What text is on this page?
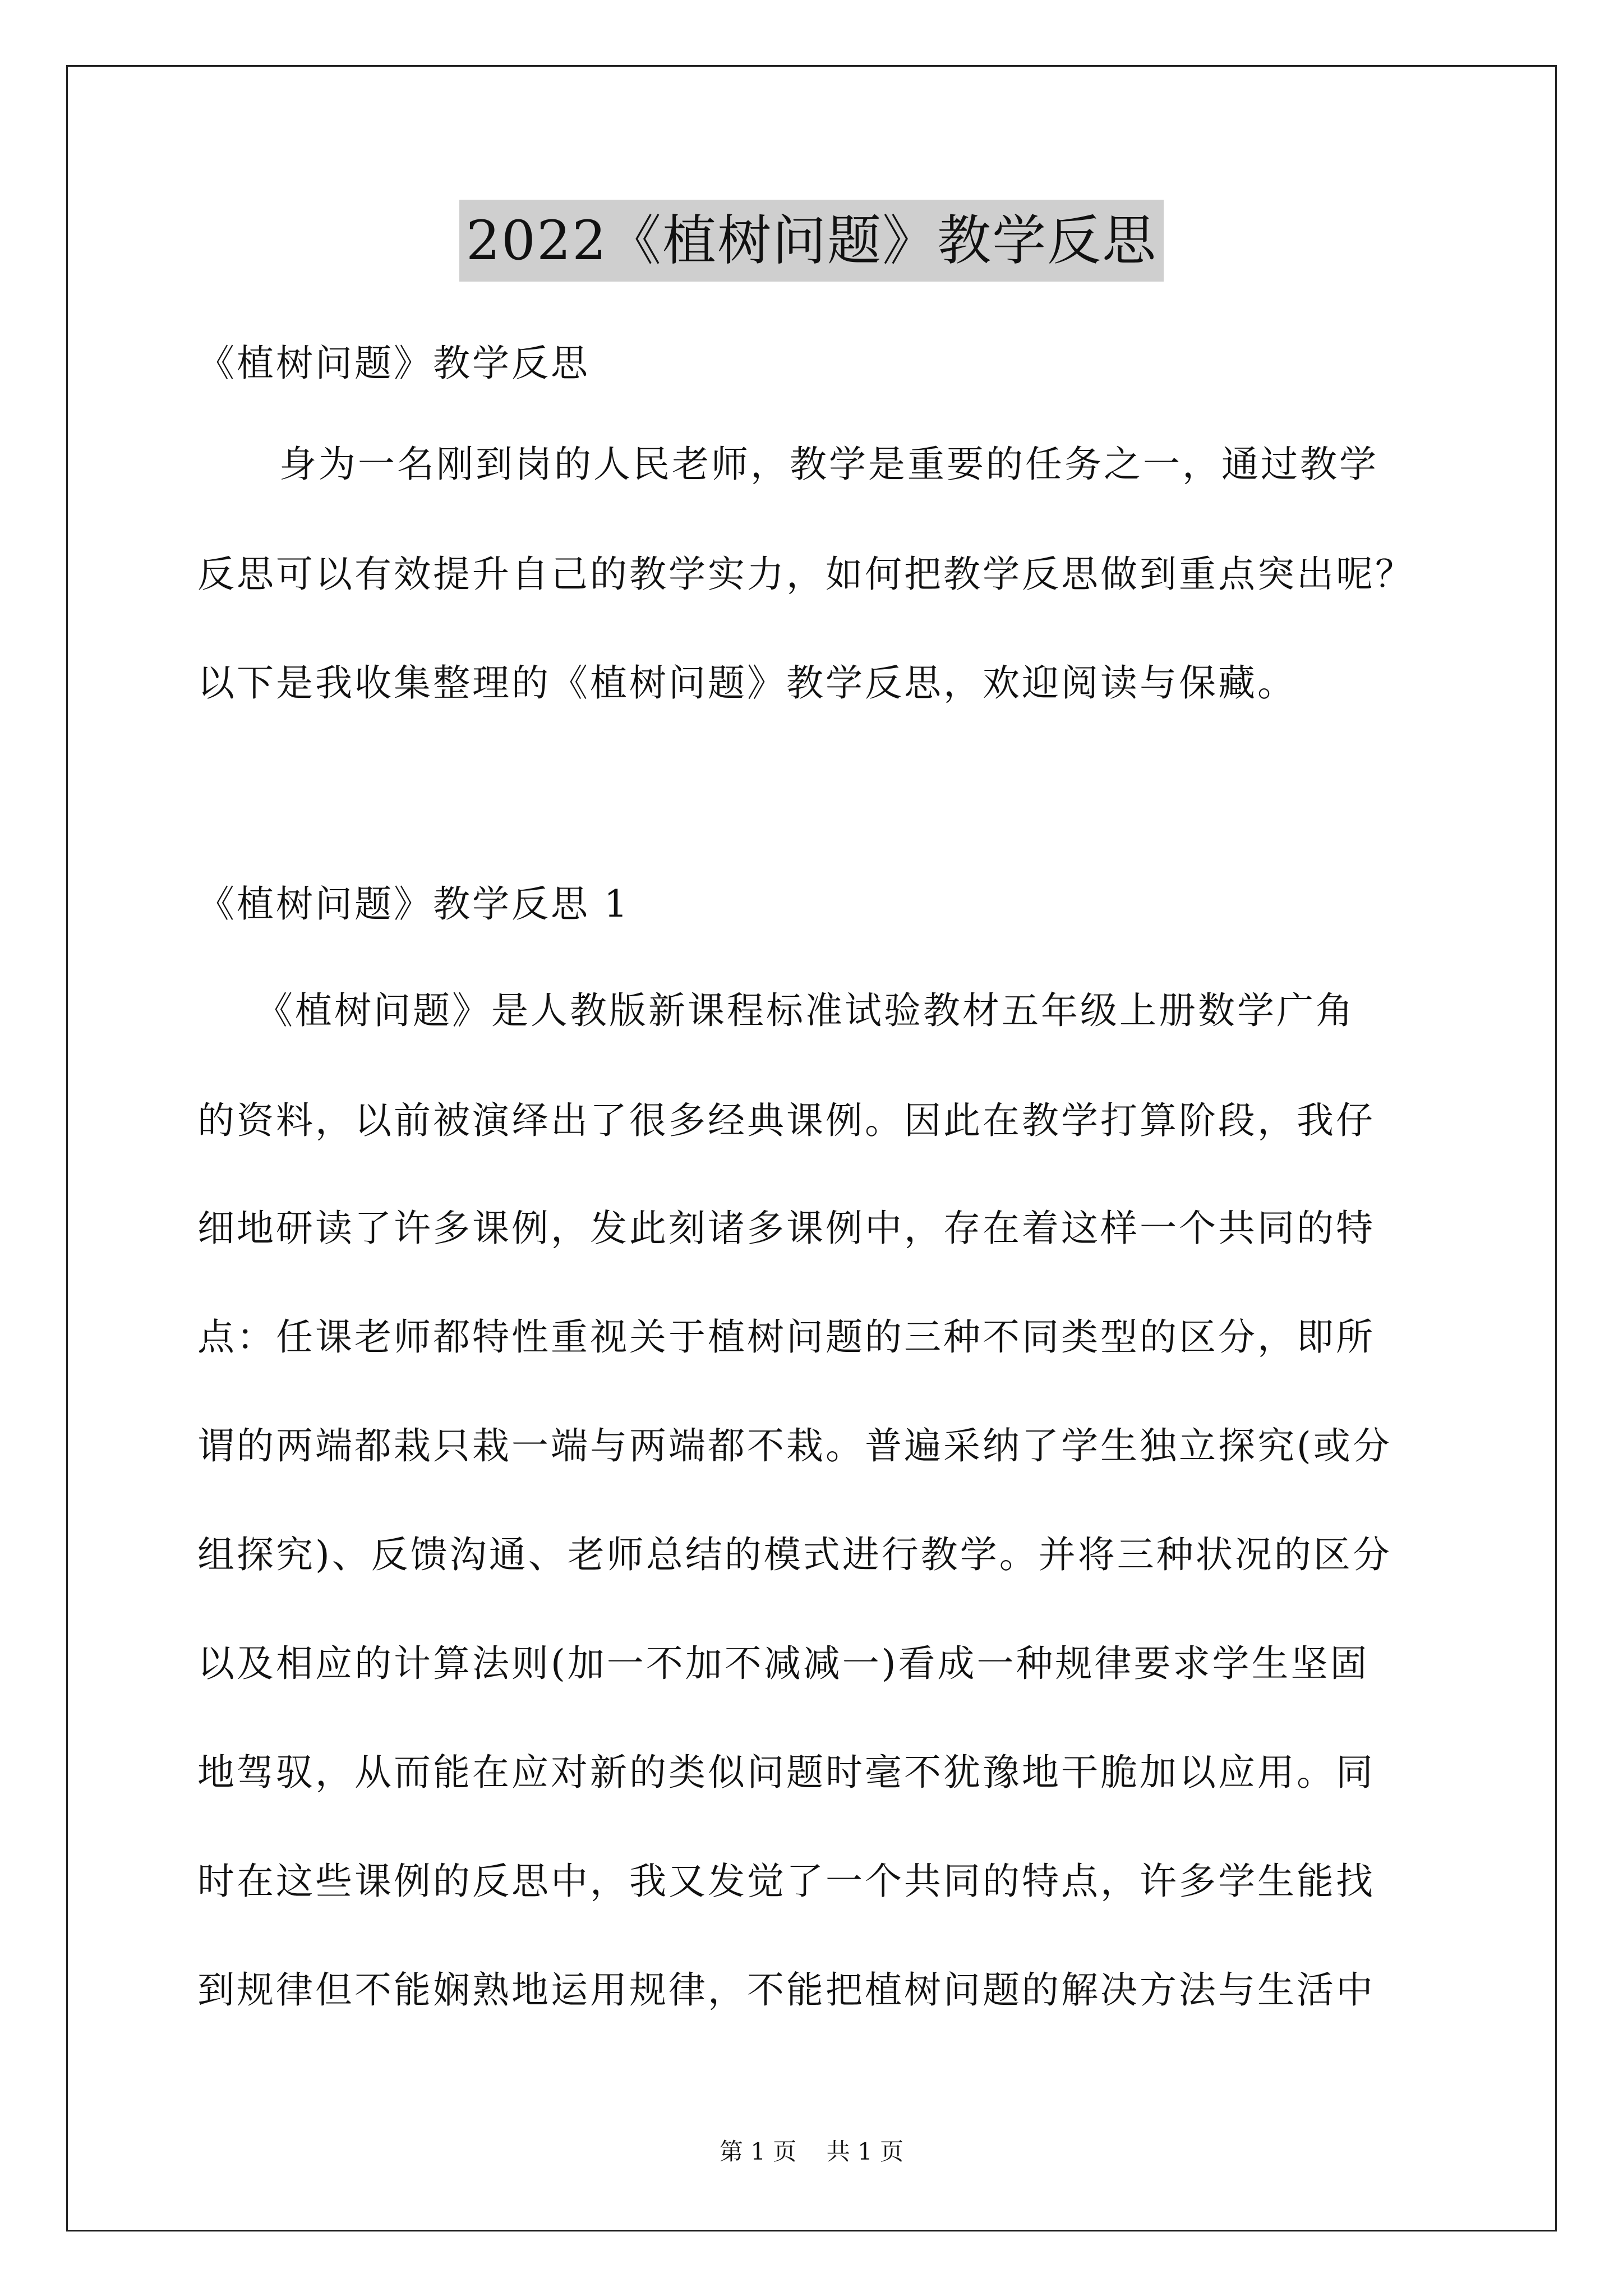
2022《植树问题》教学反思
《植树问题》教学反思
身为一名刚到岗的人民老师，教学是重要的任务之一，通过教学
反思可以有效提升自己的教学实力，如何把教学反思做到重点突出呢？
以下是我收集整理的《植树问题》教学反思，欢迎阅读与保藏。
《植树问题》教学反思 1
《植树问题》是人教版新课程标准试验教材五年级上册数学广角
的资料，以前被演绎出了很多经典课例。因此在教学打算阶段，我仔
细地研读了许多课例，发此刻诸多课例中，存在着这样一个共同的特
点：任课老师都特性重视关于植树问题的三种不同类型的区分，即所
谓的两端都栽只栽一端与两端都不栽。普遍采纳了学生独立探究(或分
组探究)、反馈沟通、老师总结的模式进行教学。并将三种状况的区分
以及相应的计算法则(加一不加不减减一)看成一种规律要求学生坚固
地驾驭，从而能在应对新的类似问题时毫不犹豫地干脆加以应用。同
时在这些课例的反思中，我又发觉了一个共同的特点，许多学生能找
到规律但不能娴熟地运用规律，不能把植树问题的解决方法与生活中
第 1 页 共 1 页
